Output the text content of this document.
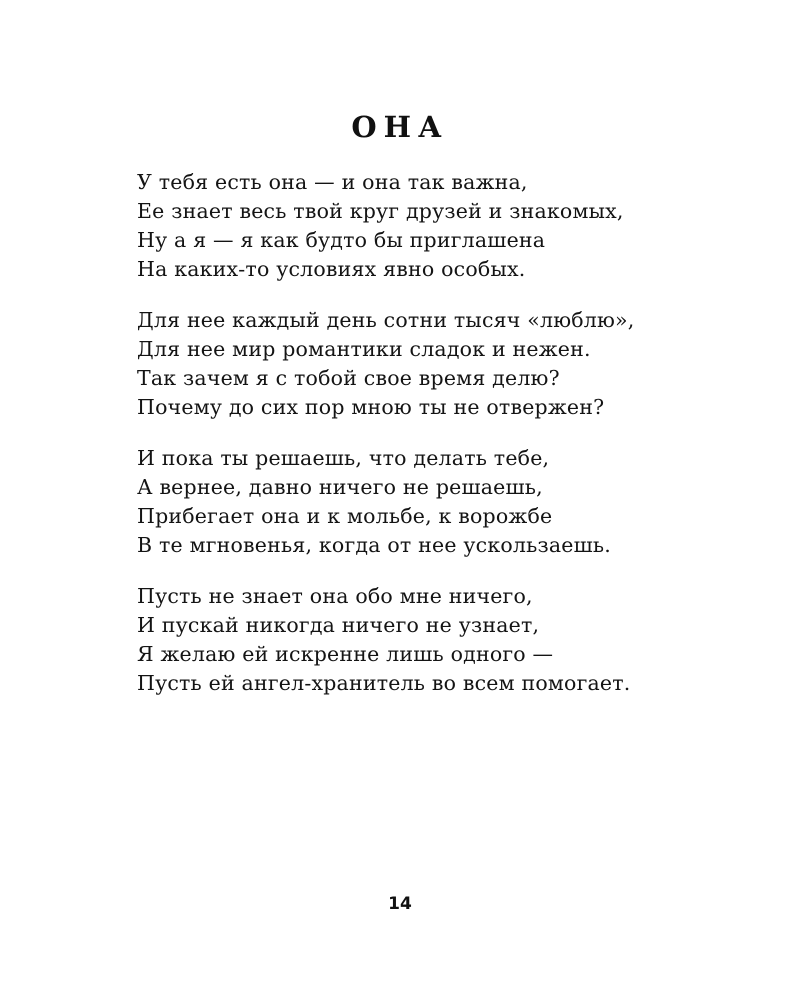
ОНА
У тебя есть она — и она так важна,
Ее знает весь твой круг друзей и знакомых,
Ну а я — я как будто бы приглашена
На каких-то условиях явно особых.
Для нее каждый день сотни тысяч «люблю»,
Для нее мир романтики сладок и нежен.
Так зачем я с тобой свое время делю?
Почему до сих пор мною ты не отвержен?
И пока ты решаешь, что делать тебе,
А вернее, давно ничего не решаешь,
Прибегает она и к мольбе, к ворожбе
В те мгновенья, когда от нее ускользаешь.
Пусть не знает она обо мне ничего,
И пускай никогда ничего не узнает,
Я желаю ей искренне лишь одного —
Пусть ей ангел-хранитель во всем помогает.
14
